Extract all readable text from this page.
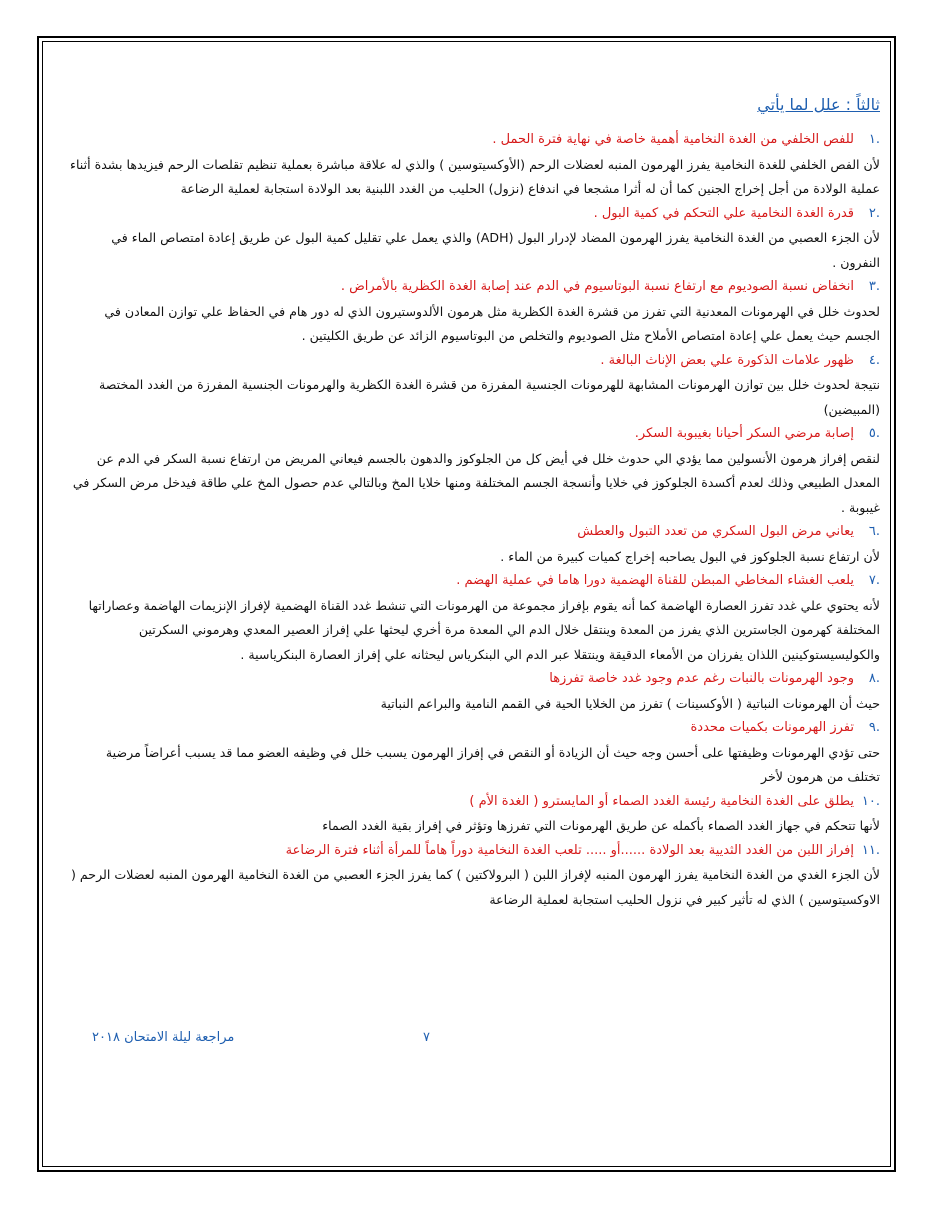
ثالثاً : علل لما يأتي

.١للفص الخلفي من الغدة النخامية أهمية خاصة في نهاية فترة الحمل .

لأن الفص الخلفي للغدة النخامية يفرز الهرمون المنبه لعضلات الرحم (الأوكسيتوسين ) والذي له علاقة مباشرة بعملية تنظيم تقلصات الرحم فيزيدها بشدة أثناء عملية الولادة من أجل إخراج الجنين كما أن له أثرا مشجعا في اندفاع (نزول) الحليب من الغدد اللبنية بعد الولادة استجابة لعملية الرضاعة

.٢قدرة الغدة النخامية علي التحكم في كمية البول .

لأن الجزء العصبي من الغدة النخامية يفرز الهرمون المضاد لإدرار البول (ADH) والذي يعمل علي تقليل كمية البول عن طريق إعادة امتصاص الماء في النفرون .

.٣انخفاض نسبة الصوديوم مع ارتفاع نسبة البوتاسيوم في الدم عند إصابة الغدة الكظرية بالأمراض .

لحدوث خلل في الهرمونات المعدنية التي تفرز من قشرة الغدة الكظرية مثل هرمون الألدوستيرون الذي له دور هام في الحفاظ علي توازن المعادن في الجسم حيث يعمل علي إعادة امتصاص الأملاح مثل الصوديوم والتخلص من البوتاسيوم الزائد عن طريق الكليتين .

.٤ظهور علامات الذكورة علي بعض الإناث البالغة .

نتيجة لحدوث خلل بين توازن الهرمونات المشابهة للهرمونات الجنسية المفرزة من قشرة الغدة الكظرية والهرمونات الجنسية المفرزة من الغدد المختصة (المبيضين)

.٥إصابة مرضي السكر أحيانا بغيبوبة السكر.

لنقص إفراز هرمون الأنسولين مما يؤدي الي حدوث خلل في أيض كل من الجلوكوز والدهون بالجسم فيعاني المريض من ارتفاع نسبة السكر في الدم عن المعدل الطبيعي وذلك لعدم أكسدة الجلوكوز في خلايا وأنسجة الجسم المختلفة ومنها خلايا المخ وبالتالي عدم حصول المخ علي طاقة فيدخل مرض السكر في غيبوبة .

.٦يعاني مرض البول السكري من تعدد التبول والعطش

لأن ارتفاع نسبة الجلوكوز في البول يصاحبه إخراج كميات كبيرة من الماء .

.٧يلعب الغشاء المخاطي المبطن للقناة الهضمية دورا هاما في عملية الهضم .

لأنه يحتوي علي غدد تفرز العصارة الهاضمة كما أنه يقوم بإفراز مجموعة من الهرمونات التي تنشط غدد القناة الهضمية لإفراز الإنزيمات الهاضمة وعصاراتها المختلفة كهرمون الجاسترين الذي يفرز من المعدة وينتقل خلال الدم الي المعدة مرة أخري ليحثها علي إفراز العصير المعدي وهرموني السكرتين والكوليسيستوكينين اللذان يفرزان من الأمعاء الدقيقة وينتقلا عبر الدم الي البنكرياس ليحثانه علي إفراز العصارة البنكرياسية .

.٨وجود الهرمونات بالنبات رغم عدم وجود غدد خاصة تفرزها

حيث أن الهرمونات النباتية ( الأوكسينات ) تفرز من الخلايا الحية في القمم النامية والبراعم النباتية

.٩تفرز الهرمونات بكميات محددة

حتى تؤدي الهرمونات وظيفتها على أحسن وجه حيث أن الزيادة أو النقص في إفراز الهرمون يسبب خلل في وظيفه العضو مما قد يسبب أعراضاً مرضية تختلف من هرمون لأخر

.١٠يطلق على الغدة النخامية رئيسة الغدد الصماء أو المايسترو ( الغدة الأم )

لأنها تتحكم في جهاز الغدد الصماء بأكمله عن طريق الهرمونات التي تفرزها وتؤثر في إفراز بقية الغدد الصماء

.١١إفراز اللبن من الغدد الثديية بعد الولادة ......أو ..... تلعب الغدة النخامية دوراً هاماً للمرأة أثناء فترة الرضاعة

لأن الجزء الغدي من الغدة النخامية يفرز الهرمون المنبه لإفراز اللبن ( البرولاكتين ) كما يفرز الجزء العصبي من الغدة النخامية الهرمون المنبه لعضلات الرحم ( الاوكسيتوسين ) الذي له تأثير كبير في نزول الحليب استجابة لعملية الرضاعة

٧
مراجعة ليلة الامتحان ٢٠١٨
